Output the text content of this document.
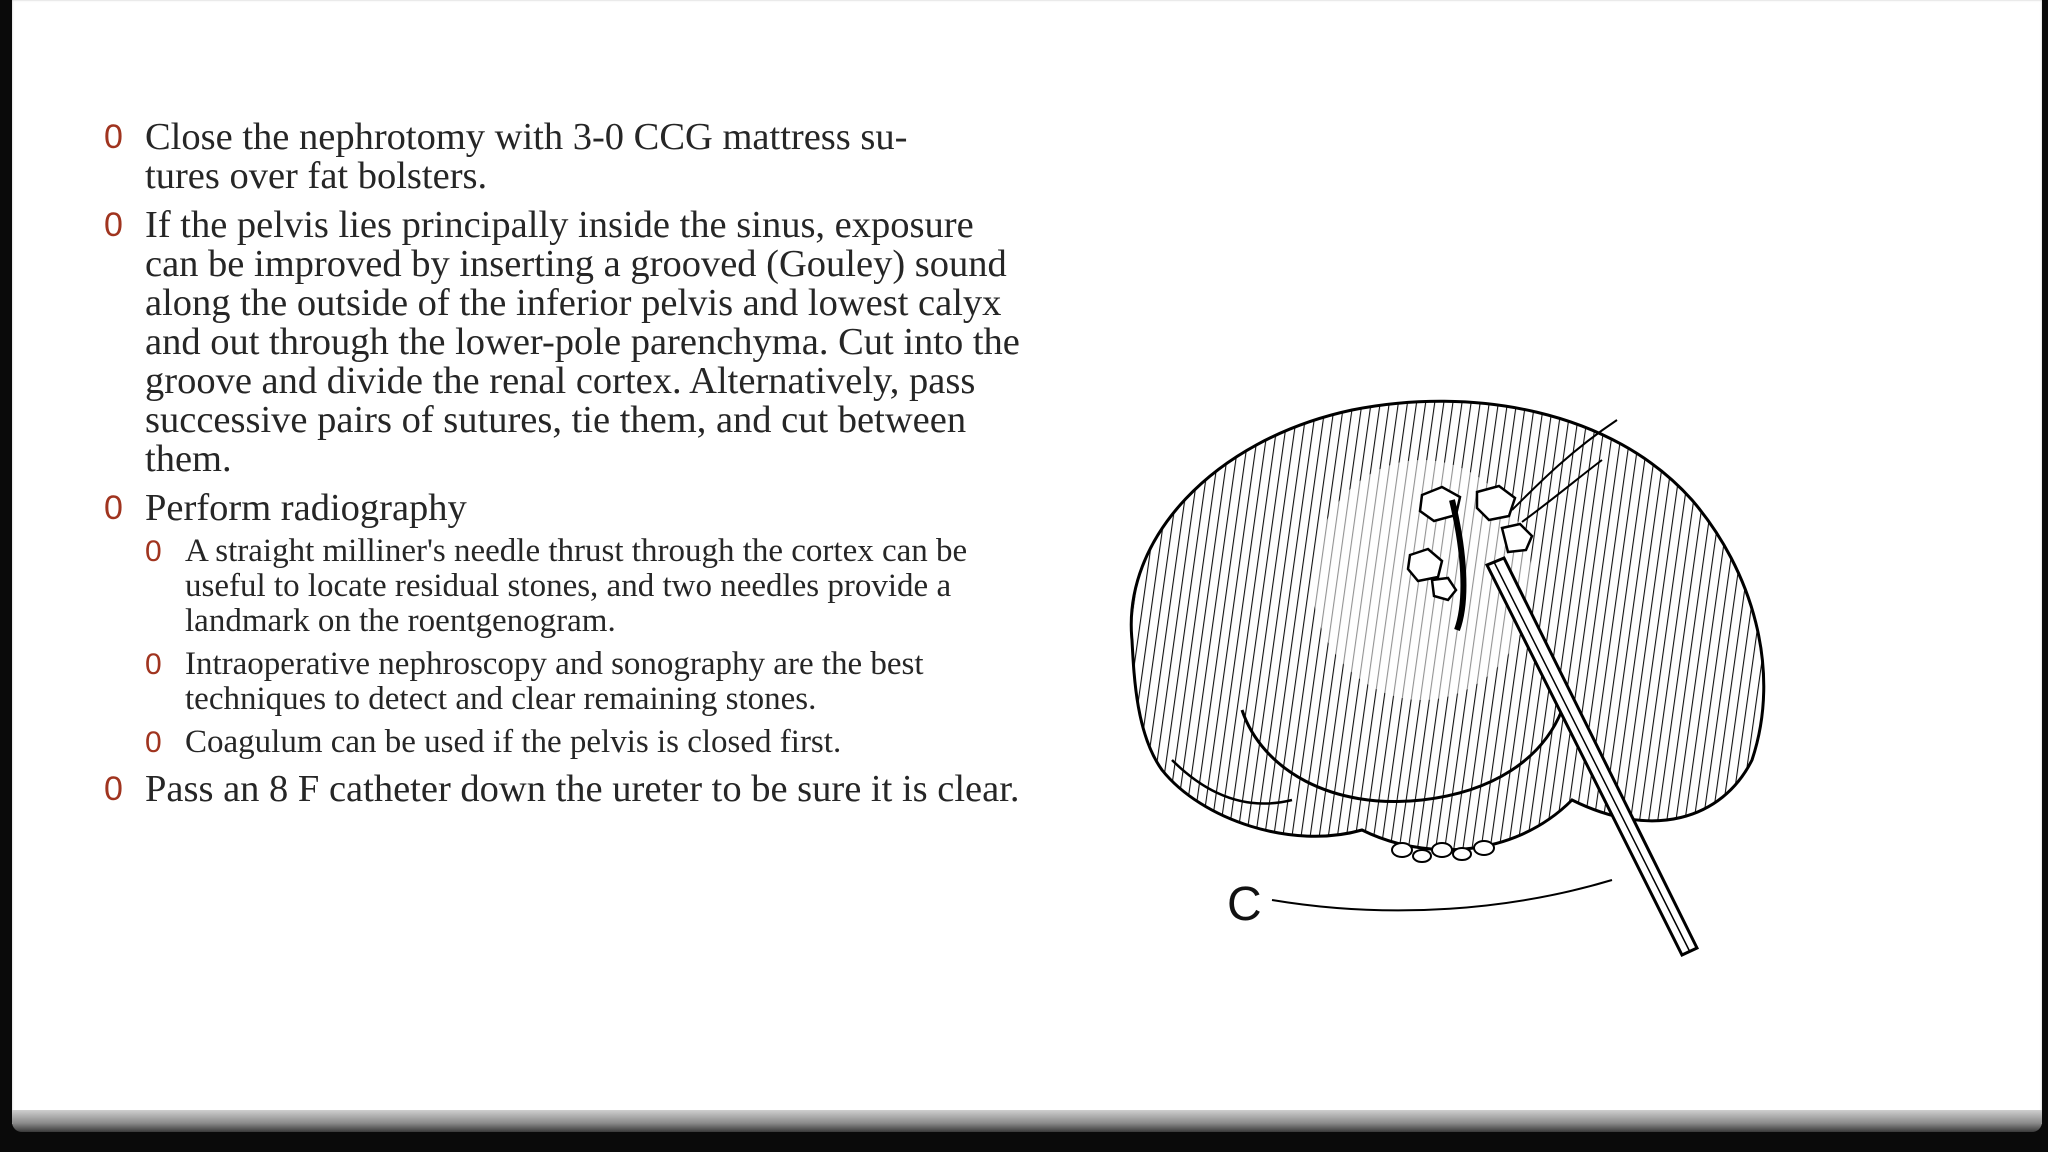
0 Close the nephrotomy with 3-0 CCG mattress su-
tures over fat bolsters.
0 If the pelvis lies principally inside the sinus, exposure can be improved by inserting a grooved (Gouley) sound along the outside of the inferior pelvis and lowest calyx and out through the lower-pole parenchyma. Cut into the groove and divide the renal cortex. Alternatively, pass successive pairs of sutures, tie them, and cut between them.
0 Perform radiography
0 A straight milliner's needle thrust through the cortex can be useful to locate residual stones, and two needles provide a landmark on the roentgenogram.
0 Intraoperative nephroscopy and sonography are the best techniques to detect and clear remaining stones.
0 Coagulum can be used if the pelvis is closed first.
0 Pass an 8 F catheter down the ureter to be sure it is clear.
C
